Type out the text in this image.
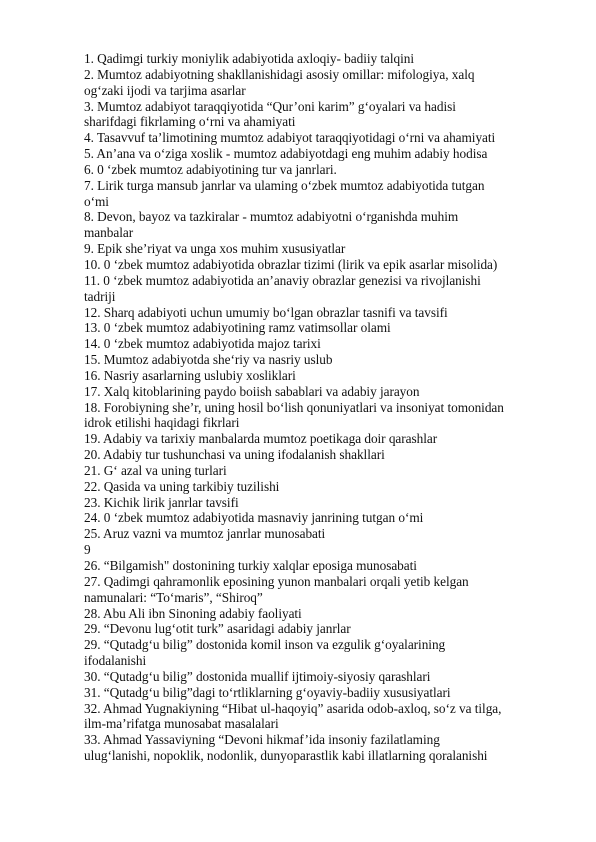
1. Qadimgi turkiy moniylik adabiyotida axloqiy- badiiy talqini
2. Mumtoz adabiyotning shakllanishidagi asosiy omillar: mifologiya, xalq
og‘zaki ijodi va tarjima asarlar
3. Mumtoz adabiyot taraqqiyotida “Qur’oni karim” g‘oyalari va hadisi
sharifdagi fikrlaming o‘rni va ahamiyati
4. Tasavvuf ta’limotining mumtoz adabiyot taraqqiyotidagi o‘rni va ahamiyati
5. An’ana va o‘ziga xoslik - mumtoz adabiyotdagi eng muhim adabiy hodisa
6. 0 ‘zbek mumtoz adabiyotining tur va janrlari.
7. Lirik turga mansub janrlar va ulaming o‘zbek mumtoz adabiyotida tutgan
o‘mi
8. Devon, bayoz va tazkiralar - mumtoz adabiyotni o‘rganishda muhim
manbalar
9. Epik she’riyat va unga xos muhim xususiyatlar
10. 0 ‘zbek mumtoz adabiyotida obrazlar tizimi (lirik va epik asarlar misolida)
11. 0 ‘zbek mumtoz adabiyotida an’anaviy obrazlar genezisi va rivojlanishi
tadriji
12. Sharq adabiyoti uchun umumiy bo‘lgan obrazlar tasnifi va tavsifi
13. 0 ‘zbek mumtoz adabiyotining ramz vatimsollar olami
14. 0 ‘zbek mumtoz adabiyotida majoz tarixi
15. Mumtoz adabiyotda she‘riy va nasriy uslub
16. Nasriy asarlarning uslubiy xosliklari
17. Xalq kitoblarining paydo boiish sabablari va adabiy jarayon
18. Forobiyning she’r, uning hosil bo‘lish qonuniyatlari va insoniyat tomonidan
idrok etilishi haqidagi fikrlari
19. Adabiy va tarixiy manbalarda mumtoz poetikaga doir qarashlar
20. Adabiy tur tushunchasi va uning ifodalanish shakllari
21. G‘ azal va uning turlari
22. Qasida va uning tarkibiy tuzilishi
23. Kichik lirik janrlar tavsifi
24. 0 ‘zbek mumtoz adabiyotida masnaviy janrining tutgan o‘mi
25. Aruz vazni va mumtoz janrlar munosabati
9
26. “Bilgamish" dostonining turkiy xalqlar eposiga munosabati
27. Qadimgi qahramonlik eposining yunon manbalari orqali yetib kelgan
namunalari: “To‘maris”, “Shiroq”
28. Abu Ali ibn Sinoning adabiy faoliyati
29. “Devonu lug‘otit turk” asaridagi adabiy janrlar
29. “Qutadg‘u bilig” dostonida komil inson va ezgulik g‘oyalarining
ifodalanishi
30. “Qutadg‘u bilig” dostonida muallif ijtimoiy-siyosiy qarashlari
31. “Qutadg‘u bilig”dagi to‘rtliklarning g‘oyaviy-badiiy xususiyatlari
32. Ahmad Yugnakiyning “Hibat ul-haqoyiq” asarida odob-axloq, so‘z va tilga,
ilm-ma’rifatga munosabat masalalari
33. Ahmad Yassaviyning “Devoni hikmaf’ida insoniy fazilatlaming
ulug‘lanishi, nopoklik, nodonlik, dunyoparastlik kabi illatlarning qoralanishi
